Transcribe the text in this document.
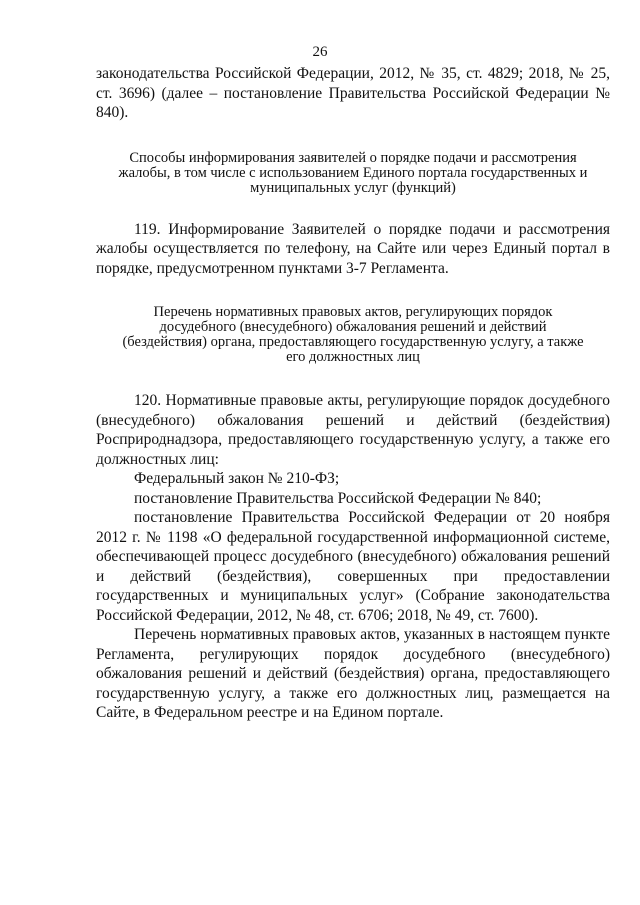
26

законодательства Российской Федерации, 2012, № 35, ст. 4829; 2018, № 25, ст. 3696) (далее – постановление Правительства Российской Федерации № 840).

Способы информирования заявителей о порядке подачи и рассмотрения жалобы, в том числе с использованием Единого портала государственных и муниципальных услуг (функций)

119. Информирование Заявителей о порядке подачи и рассмотрения жалобы осуществляется по телефону, на Сайте или через Единый портал в порядке, предусмотренном пунктами 3-7 Регламента.

Перечень нормативных правовых актов, регулирующих порядок досудебного (внесудебного) обжалования решений и действий (бездействия) органа, предоставляющего государственную услугу, а также его должностных лиц

120. Нормативные правовые акты, регулирующие порядок досудебного (внесудебного) обжалования решений и действий (бездействия) Росприроднадзора, предоставляющего государственную услугу, а также его должностных лиц:

Федеральный закон № 210-ФЗ;

постановление Правительства Российской Федерации № 840;

постановление Правительства Российской Федерации от 20 ноября 2012 г. № 1198 «О федеральной государственной информационной системе, обеспечивающей процесс досудебного (внесудебного) обжалования решений и действий (бездействия), совершенных при предоставлении государственных и муниципальных услуг» (Собрание законодательства Российской Федерации, 2012, № 48, ст. 6706; 2018, № 49, ст. 7600).

Перечень нормативных правовых актов, указанных в настоящем пункте Регламента, регулирующих порядок досудебного (внесудебного) обжалования решений и действий (бездействия) органа, предоставляющего государственную услугу, а также его должностных лиц, размещается на Сайте, в Федеральном реестре и на Едином портале.
